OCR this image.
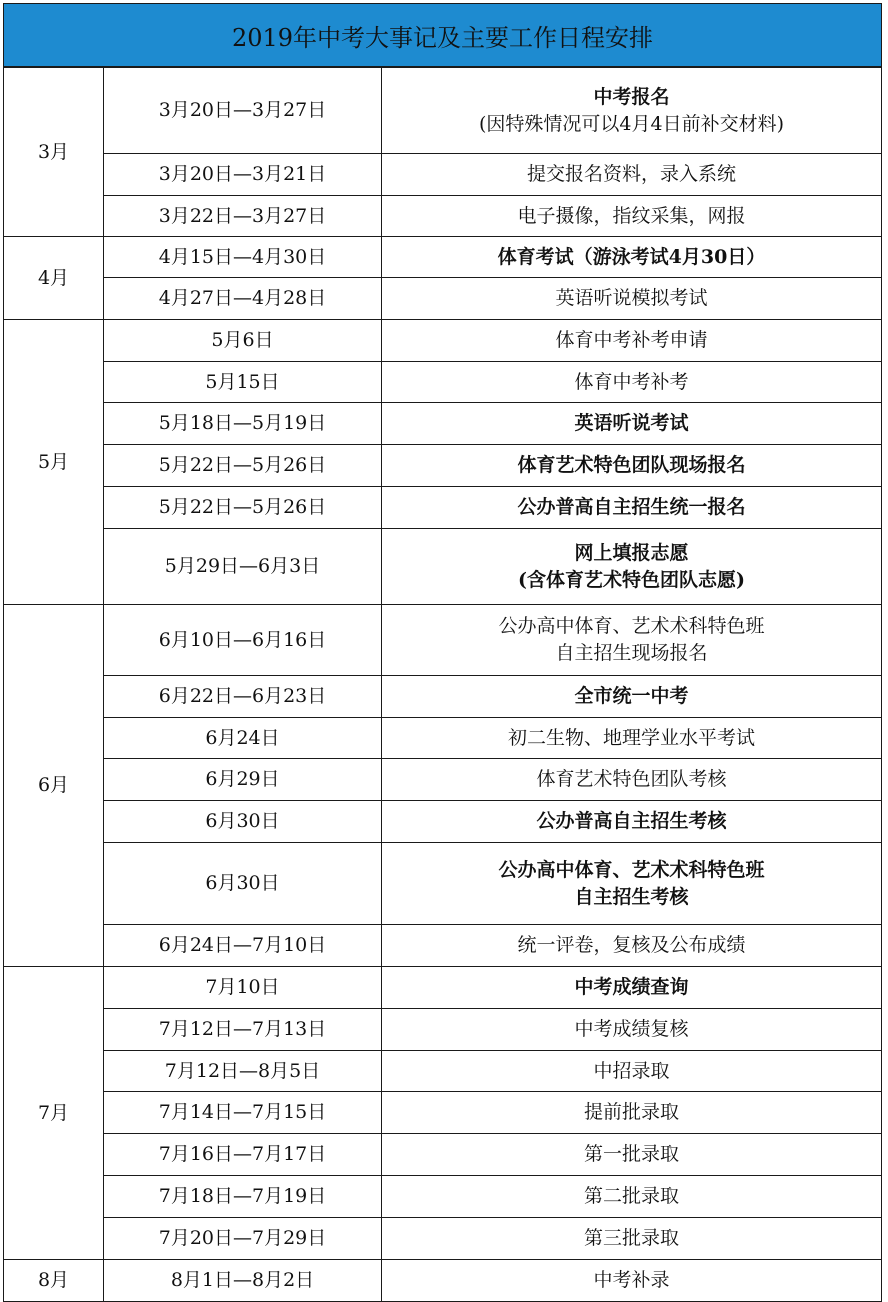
2019年中考大事记及主要工作日程安排
3月	3月20日—3月27日	中考报名
(因特殊情况可以4月4日前补交材料)

	3月20日—3月21日	提交报名资料，录入系统

	3月22日—3月27日	电子摄像，指纹采集，网报

4月	4月15日—4月30日	体育考试（游泳考试4月30日）

	4月27日—4月28日	英语听说模拟考试

5月	5月6日	体育中考补考申请

	5月15日	体育中考补考

	5月18日—5月19日	英语听说考试

	5月22日—5月26日	体育艺术特色团队现场报名

	5月22日—5月26日	公办普高自主招生统一报名

	5月29日—6月3日	网上填报志愿
(含体育艺术特色团队志愿)

6月	6月10日—6月16日	公办高中体育、艺术术科特色班
自主招生现场报名

	6月22日—6月23日	全市统一中考

	6月24日	初二生物、地理学业水平考试

	6月29日	体育艺术特色团队考核

	6月30日	公办普高自主招生考核

	6月30日	公办高中体育、艺术术科特色班
自主招生考核

	6月24日—7月10日	统一评卷，复核及公布成绩

7月	7月10日	中考成绩查询

	7月12日—7月13日	中考成绩复核

	7月12日—8月5日	中招录取

	7月14日—7月15日	提前批录取

	7月16日—7月17日	第一批录取

	7月18日—7月19日	第二批录取

	7月20日—7月29日	第三批录取

8月	8月1日—8月2日	中考补录
